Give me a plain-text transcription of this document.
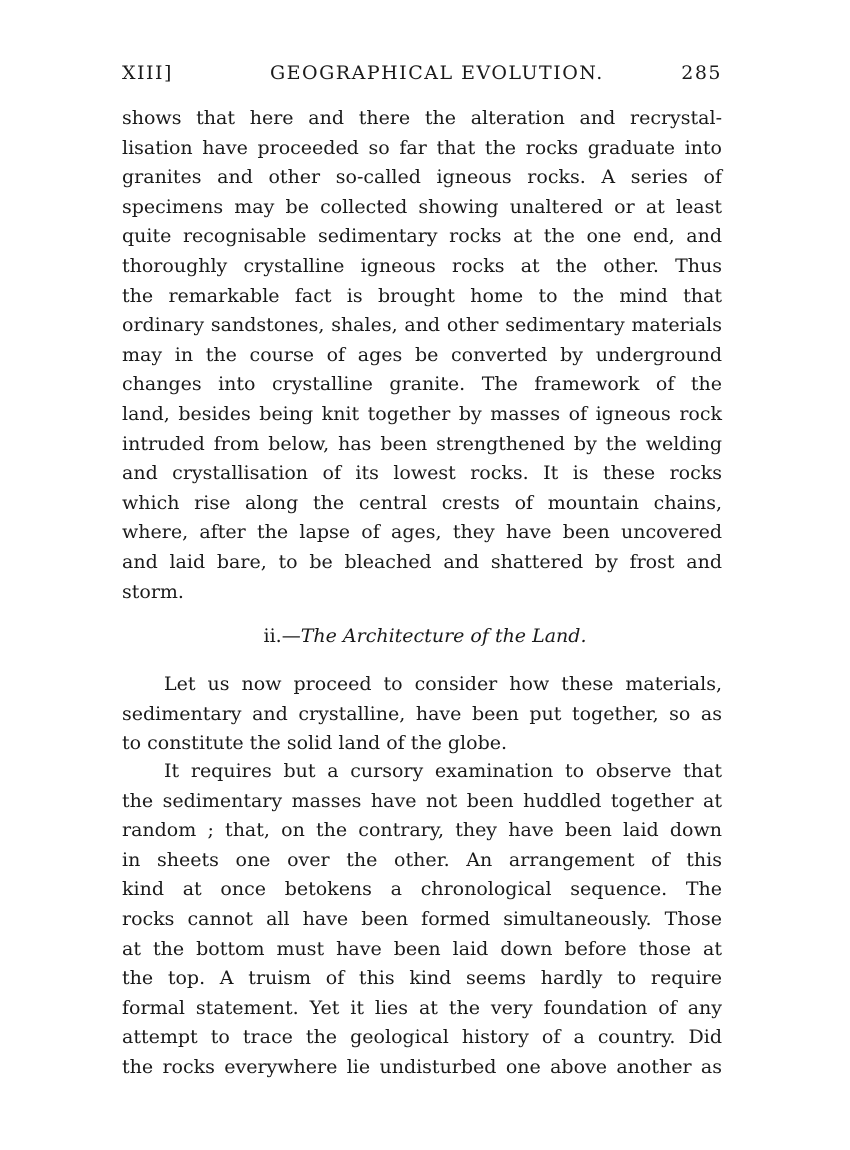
XIII]	GEOGRAPHICAL EVOLUTION.	285
shows that here and there the alteration and recrystal-
lisation have proceeded so far that the rocks graduate into
granites and other so-called igneous rocks. A series of
specimens may be collected showing unaltered or at least
quite recognisable sedimentary rocks at the one end, and
thoroughly crystalline igneous rocks at the other. Thus
the remarkable fact is brought home to the mind that
ordinary sandstones, shales, and other sedimentary materials
may in the course of ages be converted by underground
changes into crystalline granite. The framework of the
land, besides being knit together by masses of igneous rock
intruded from below, has been strengthened by the welding
and crystallisation of its lowest rocks. It is these rocks
which rise along the central crests of mountain chains,
where, after the lapse of ages, they have been uncovered
and laid bare, to be bleached and shattered by frost and
storm.
ii.—The Architecture of the Land.
Let us now proceed to consider how these materials,
sedimentary and crystalline, have been put together, so as
to constitute the solid land of the globe.
It requires but a cursory examination to observe that
the sedimentary masses have not been huddled together at
random ; that, on the contrary, they have been laid down
in sheets one over the other. An arrangement of this
kind at once betokens a chronological sequence. The
rocks cannot all have been formed simultaneously. Those
at the bottom must have been laid down before those at
the top. A truism of this kind seems hardly to require
formal statement. Yet it lies at the very foundation of any
attempt to trace the geological history of a country. Did
the rocks everywhere lie undisturbed one above another as
